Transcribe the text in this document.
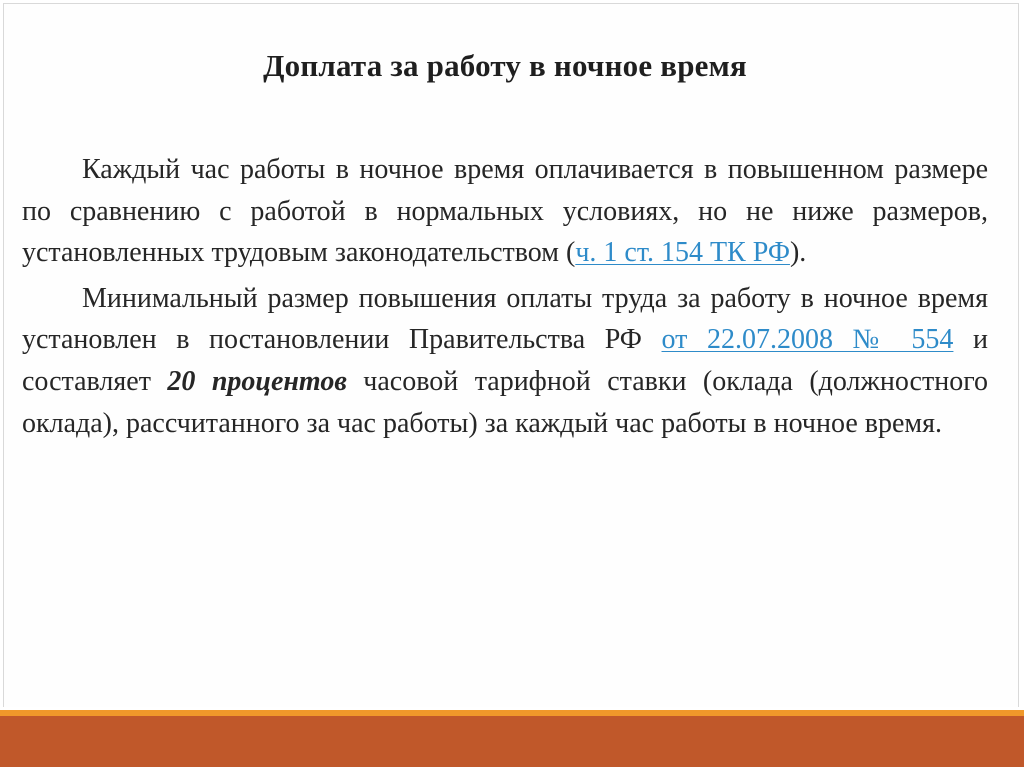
Доплата за работу в ночное время

Каждый час работы в ночное время оплачивается в повышенном размере по сравнению с работой в нормальных условиях, но не ниже размеров, установленных трудовым законодательством (ч. 1 ст. 154 ТК РФ).

Минимальный размер повышения оплаты труда за работу в ночное время установлен в постановлении Правительства РФ от 22.07.2008 № 554 и составляет 20 процентов часовой тарифной ставки (оклада (должностного оклада), рассчитанного за час работы) за каждый час работы в ночное время.
